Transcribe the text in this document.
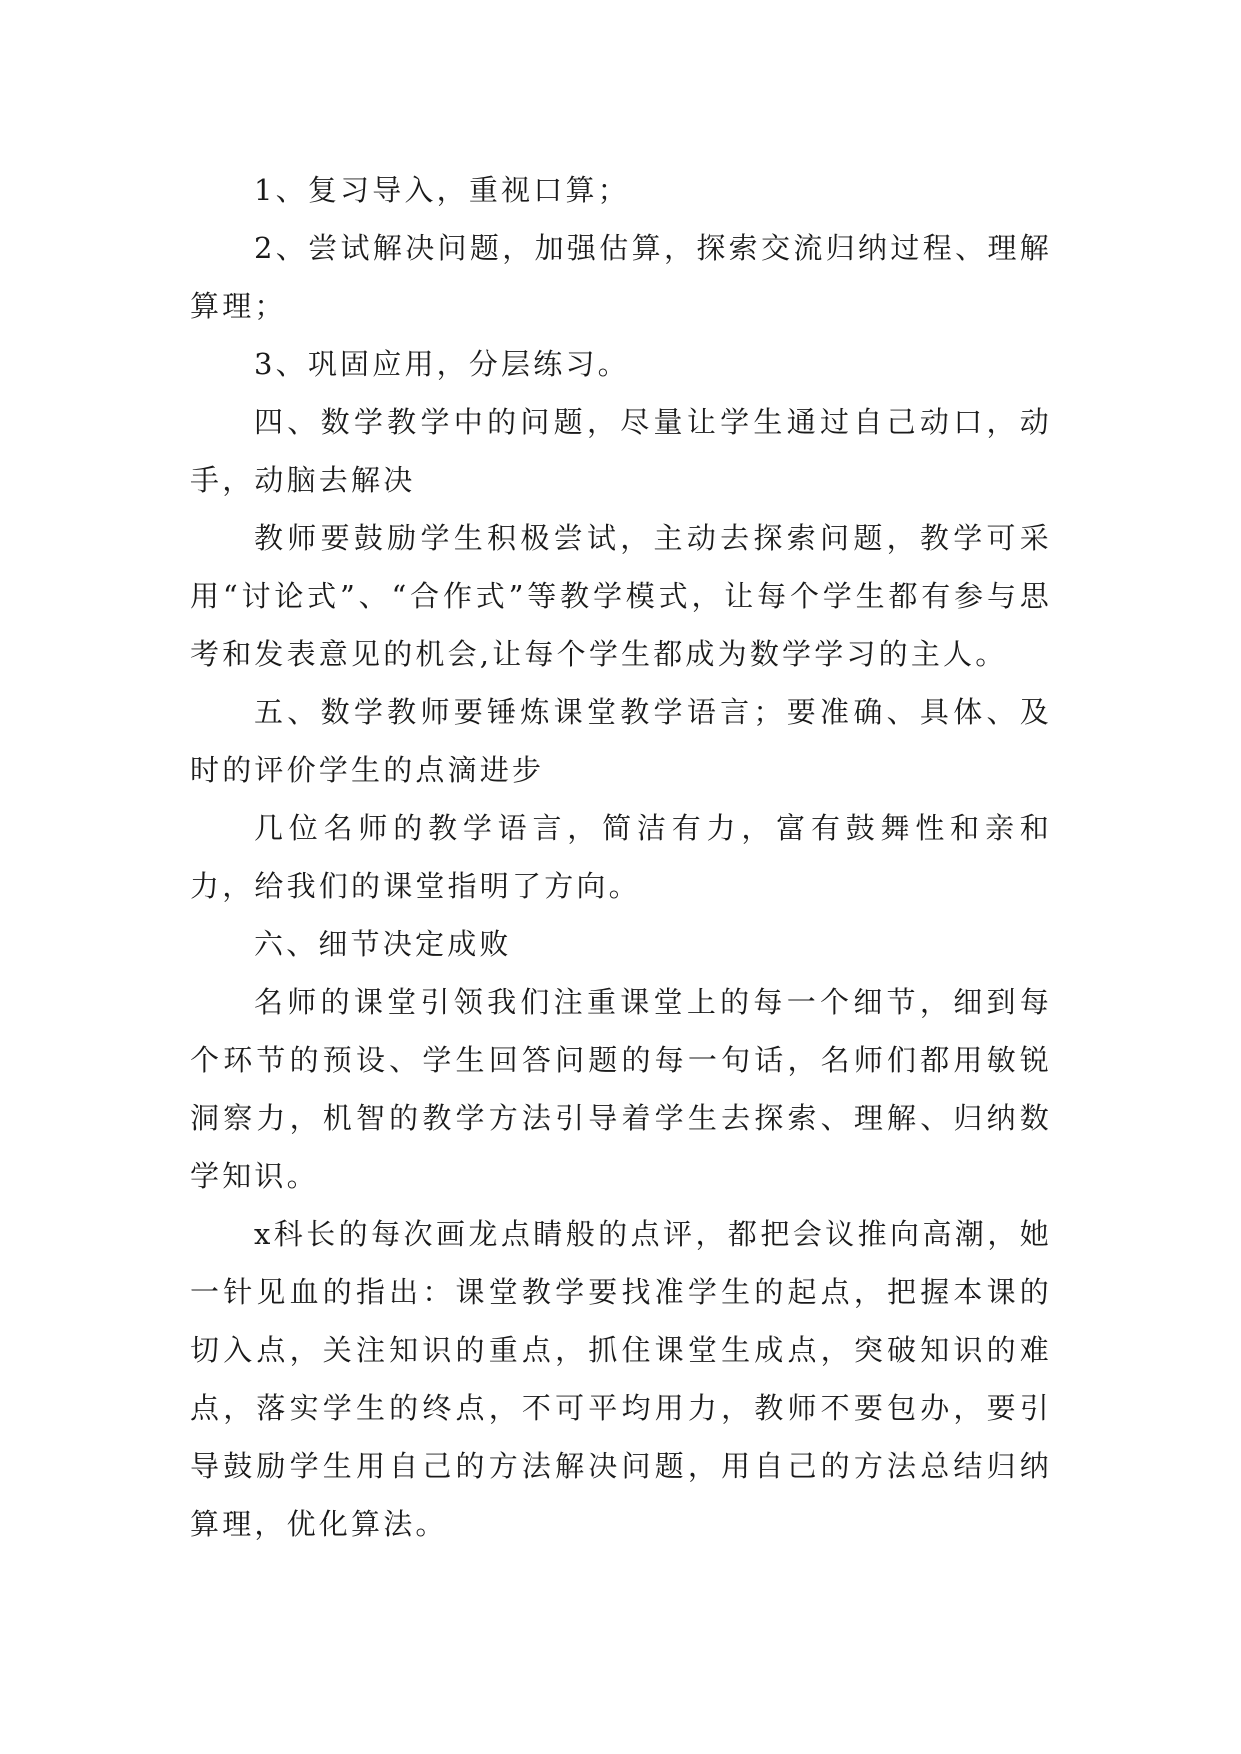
1、复习导入，重视口算；

2、尝试解决问题，加强估算，探索交流归纳过程、理解算理；

3、巩固应用，分层练习。

四、数学教学中的问题，尽量让学生通过自己动口，动手，动脑去解决

教师要鼓励学生积极尝试，主动去探索问题，教学可采用“讨论式”、“合作式”等教学模式，让每个学生都有参与思考和发表意见的机会,让每个学生都成为数学学习的主人。

五、数学教师要锤炼课堂教学语言；要准确、具体、及时的评价学生的点滴进步

几位名师的教学语言，简洁有力，富有鼓舞性和亲和力，给我们的课堂指明了方向。

六、细节决定成败

名师的课堂引领我们注重课堂上的每一个细节，细到每个环节的预设、学生回答问题的每一句话，名师们都用敏锐洞察力，机智的教学方法引导着学生去探索、理解、归纳数学知识。

x科长的每次画龙点睛般的点评，都把会议推向高潮，她一针见血的指出：课堂教学要找准学生的起点，把握本课的切入点，关注知识的重点，抓住课堂生成点，突破知识的难点，落实学生的终点，不可平均用力，教师不要包办，要引导鼓励学生用自己的方法解决问题，用自己的方法总结归纳算理，优化算法。
